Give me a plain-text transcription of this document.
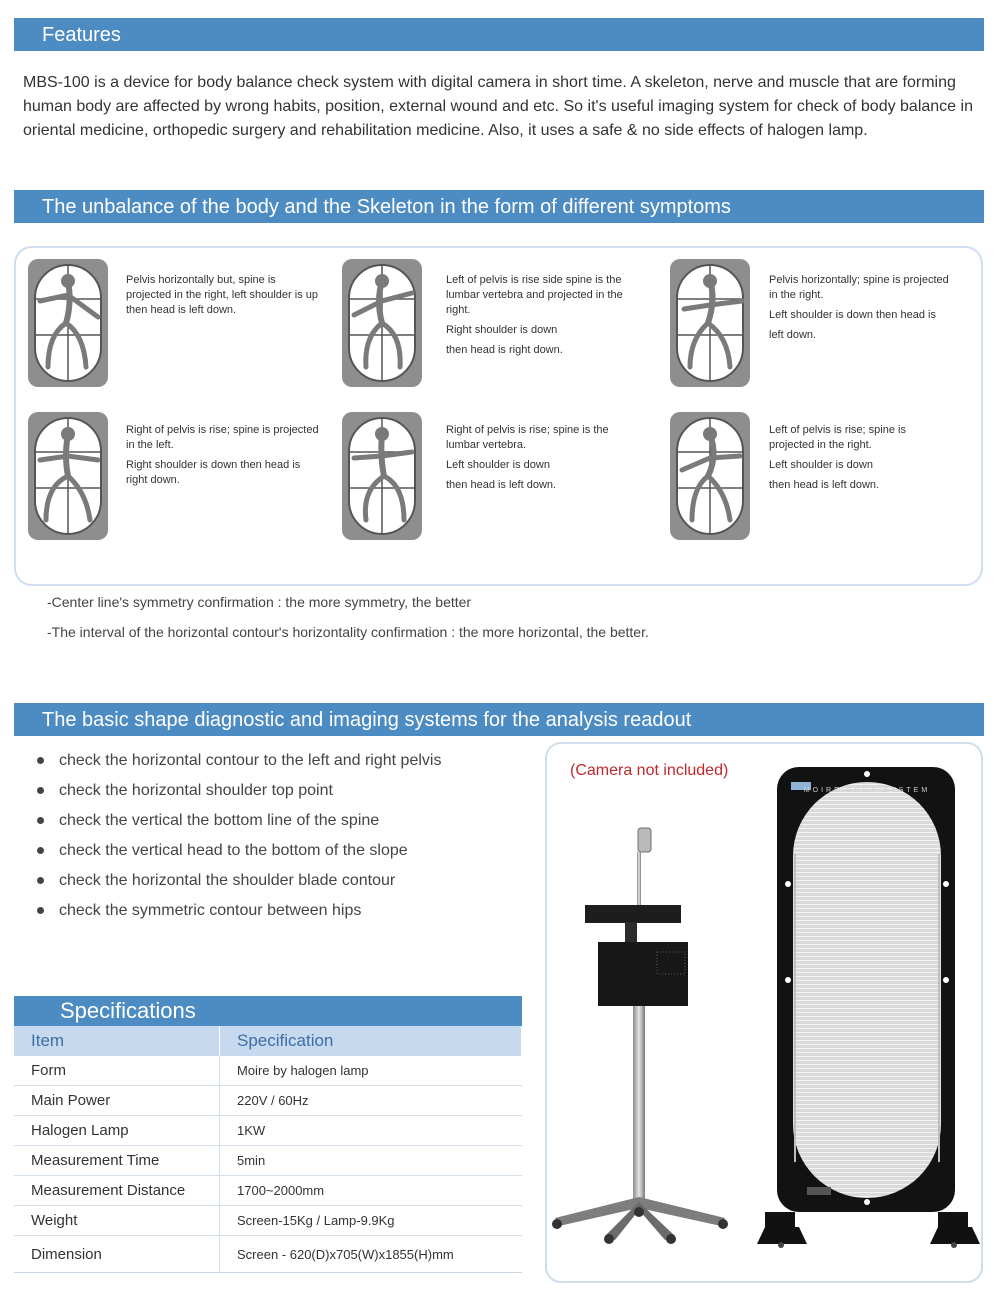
Features
MBS-100 is a device for body balance check system with digital camera in short time. A skeleton, nerve and muscle that are forming human body are affected by wrong habits, position, external wound and etc. So it's useful imaging system for check of body balance in oriental medicine, orthopedic surgery and rehabilitation medicine. Also, it uses a safe & no side effects of halogen lamp.
The unbalance of the body and the Skeleton in the form of different symptoms

Pelvis horizontally but, spine is projected in the right, left shoulder is up then head is left down.

Left of pelvis is rise side spine is the lumbar vertebra and projected in the right.

Right shoulder is down

then head is right down.

Pelvis horizontally; spine is projected in the right.

Left shoulder is down then head is

left down.

Right of pelvis is rise; spine is projected in the left.

Right shoulder is down then head is right down.

Right of pelvis is rise; spine is the lumbar vertebra.

Left shoulder is down

then head is left down.

Left of pelvis is rise; spine is projected in the right.

Left shoulder is down

then head is left down.

-Center line's symmetry confirmation : the more symmetry, the better
-The interval of the horizontal contour's horizontality confirmation : the more horizontal, the better.
The basic shape diagnostic and imaging systems for the analysis readout
check the horizontal contour to the left and right pelvis
check the horizontal shoulder top point
check the vertical the bottom line of the spine
check the vertical head to the bottom of the slope
check the horizontal the shoulder blade contour
check the symmetric contour between hips
Specifications
Item	Specification
Form	Moire by halogen lamp
Main Power	220V / 60Hz
Halogen Lamp	1KW
Measurement Time	5min
Measurement Distance	1700~2000mm
Weight	Screen-15Kg / Lamp-9.9Kg
Dimension	Screen - 620(D)x705(W)x1855(H)mm
(Camera not included)
MOIRE BODY SYSTEM
